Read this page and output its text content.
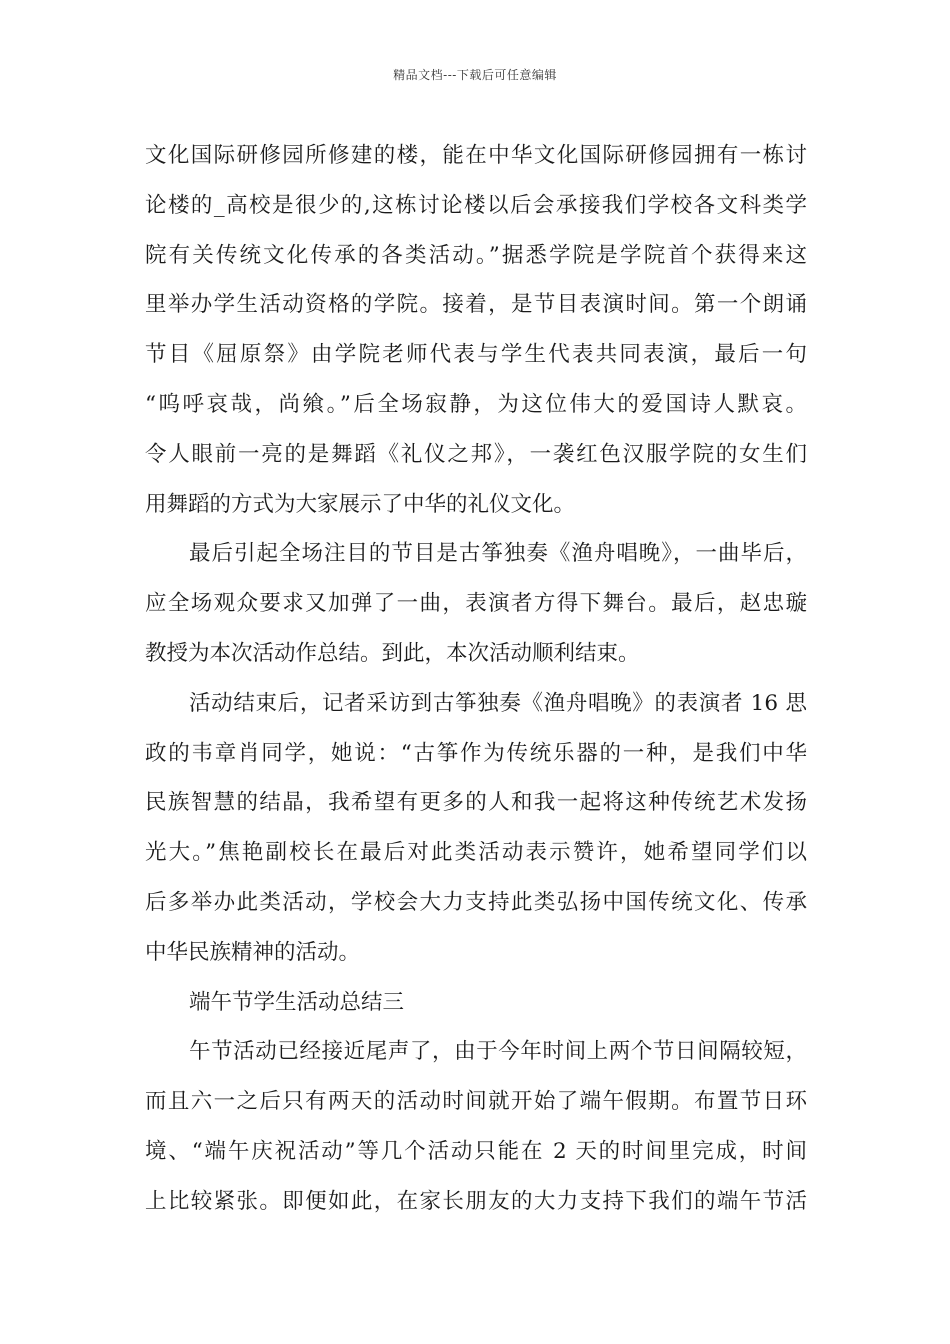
精品文档---下载后可任意编辑
文化国际研修园所修建的楼，能在中华文化国际研修园拥有一栋讨
论楼的_高校是很少的,这栋讨论楼以后会承接我们学校各文科类学
院有关传统文化传承的各类活动。”据悉学院是学院首个获得来这
里举办学生活动资格的学院。接着，是节目表演时间。第一个朗诵
节目《屈原祭》由学院老师代表与学生代表共同表演，最后一句
“呜呼哀哉，尚飨。”后全场寂静，为这位伟大的爱国诗人默哀。
令人眼前一亮的是舞蹈《礼仪之邦》，一袭红色汉服学院的女生们
用舞蹈的方式为大家展示了中华的礼仪文化。
最后引起全场注目的节目是古筝独奏《渔舟唱晚》，一曲毕后，
应全场观众要求又加弹了一曲，表演者方得下舞台。最后，赵忠璇
教授为本次活动作总结。到此，本次活动顺利结束。
活动结束后，记者采访到古筝独奏《渔舟唱晚》的表演者 16 思
政的韦章肖同学，她说：“古筝作为传统乐器的一种，是我们中华
民族智慧的结晶，我希望有更多的人和我一起将这种传统艺术发扬
光大。”焦艳副校长在最后对此类活动表示赞许，她希望同学们以
后多举办此类活动，学校会大力支持此类弘扬中国传统文化、传承
中华民族精神的活动。
端午节学生活动总结三
午节活动已经接近尾声了，由于今年时间上两个节日间隔较短，
而且六一之后只有两天的活动时间就开始了端午假期。布置节日环
境、“端午庆祝活动”等几个活动只能在 2 天的时间里完成，时间
上比较紧张。即便如此，在家长朋友的大力支持下我们的端午节活
